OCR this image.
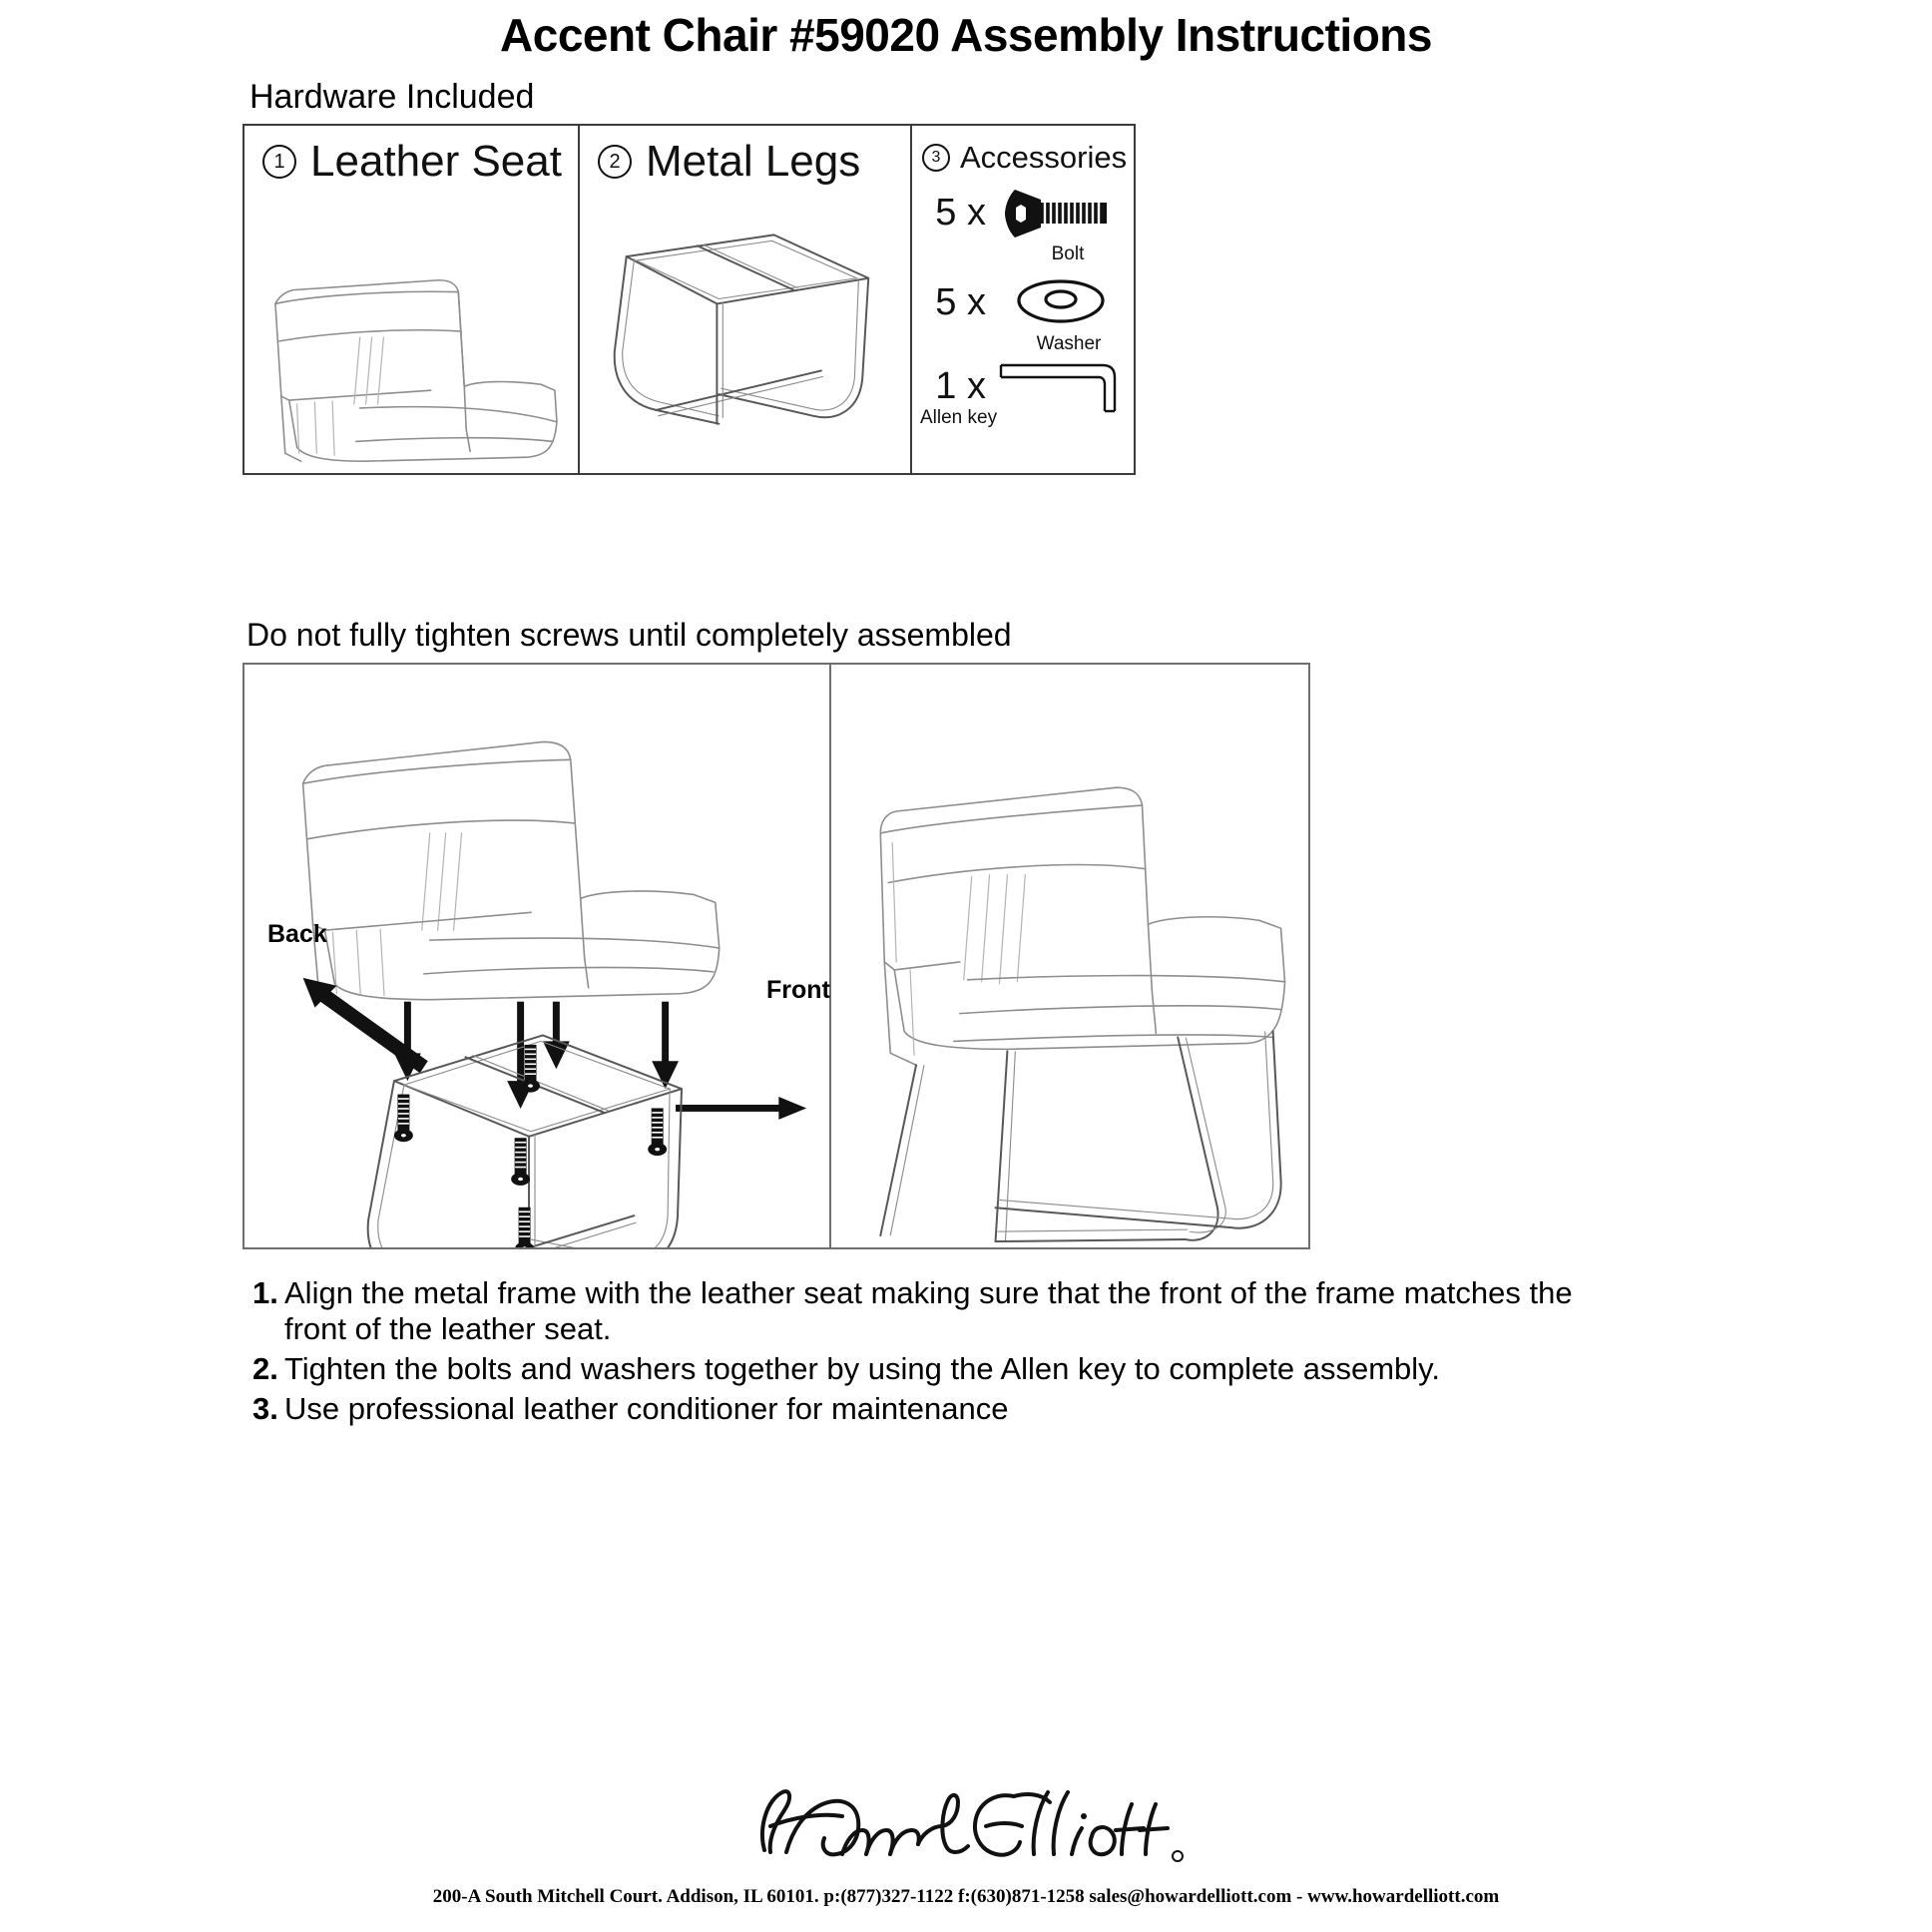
Accent Chair #59020 Assembly Instructions
Hardware Included
1 Leather Seat	2 Metal Legs	3 Accessories
5 x
Bolt
5 x
Washer
1 x
Allen key
Do not fully tighten screws until completely assembled
Back
Front
1. Align the metal frame with the leather seat making sure that the front of the frame matches the front of the leather seat.
2. Tighten the bolts and washers together by using the Allen key to complete assembly.
3. Use professional leather conditioner for maintenance
200-A South Mitchell Court. Addison, IL 60101. p:(877)327-1122 f:(630)871-1258 sales@howardelliott.com - www.howardelliott.com
